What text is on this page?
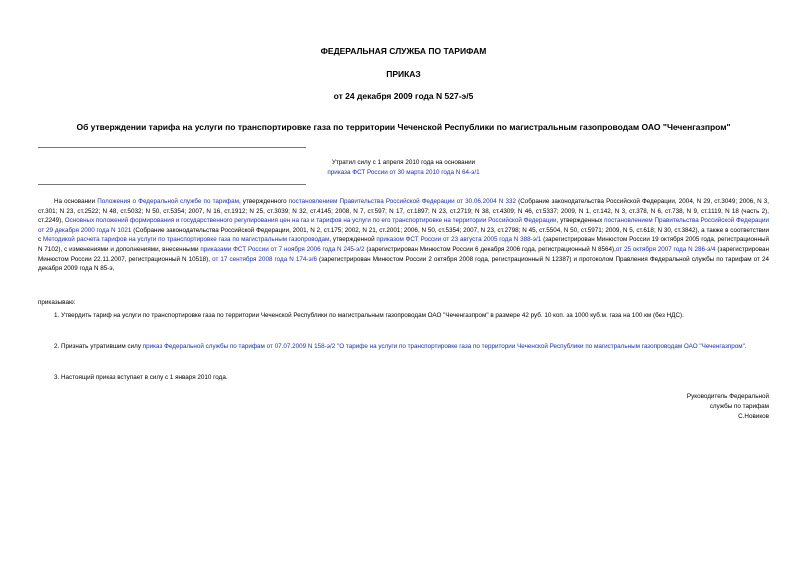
ФЕДЕРАЛЬНАЯ СЛУЖБА ПО ТАРИФАМ
ПРИКАЗ
от 24 декабря 2009 года N 527-э/5
Об утверждении тарифа на услуги по транспортировке газа по территории Чеченской Республики по магистральным газопроводам ОАО "Чеченгазпром"
Утратил силу с 1 апреля 2010 года на основании
приказа ФСТ России от 30 марта 2010 года N 64-э/1
На основании Положения о Федеральной службе по тарифам, утвержденного постановлением Правительства Российской Федерации от 30.06.2004 N 332 (Собрание законодательства Российской Федерации, 2004, N 29, ст.3049; 2006, N 3, ст.301; N 23, ст.2522; N 48, ст.5032; N 50, ст.5354; 2007, N 16, ст.1912; N 25, ст.3039; N 32, ст.4145; 2008, N 7, ст.597; N 17, ст.1897; N 23, ст.2719; N 38, ст.4309; N 46, ст.5337; 2009, N 1, ст.142, N 3, ст.378, N 6, ст.738, N 9, ст.1119, N 18 (часть 2), ст.2249), Основных положений формирования и государственного регулирования цен на газ и тарифов на услуги по его транспортировке на территории Российской Федерации, утвержденных постановлением Правительства Российской Федерации от 29 декабря 2000 года N 1021 (Собрание законодательства Российской Федерации, 2001, N 2, ст.175; 2002, N 21, ст.2001; 2006, N 50, ст.5354; 2007, N 23, ст.2798; N 45, ст.5504, N 50, ст.5971; 2009, N 5, ст.618; N 30, ст.3842), а также в соответствии с Методикой расчета тарифов на услуги по транспортировке газа по магистральным газопроводам, утвержденной приказом ФСТ России от 23 августа 2005 года N 388-э/1 (зарегистрирован Минюстом России 19 октября 2005 года, регистрационный N 7102), с изменениями и дополнениями, внесенными приказами ФСТ России от 7 ноября 2006 года N 245-э/2 (зарегистрирован Минюстом России 6 декабря 2006 года, регистрационный N 8564),от 25 октября 2007 года N 286-э/4 (зарегистрирован Минюстом России 22.11.2007, регистрационный N 10518), от 17 сентября 2008 года N 174-э/6 (зарегистрирован Минюстом России 2 октября 2008 года, регистрационный N 12387) и протоколом Правления Федеральной службы по тарифам от 24 декабря 2009 года N 85-э,
приказываю:
1. Утвердить тариф на услуги по транспортировке газа по территории Чеченской Республики по магистральным газопроводам ОАО "Чеченгазпром" в размере 42 руб. 10 коп. за 1000 куб.м. газа на 100 км (без НДС).
2. Признать утратившим силу приказ Федеральной службы по тарифам от 07.07.2009 N 158-э/2 "О тарифе на услуги по транспортировке газа по территории Чеченской Республики по магистральным газопроводам ОАО "Чеченгазпром".
3. Настоящий приказ вступает в силу с 1 января 2010 года.
Руководитель Федеральной
службы по тарифам
С.Новиков
